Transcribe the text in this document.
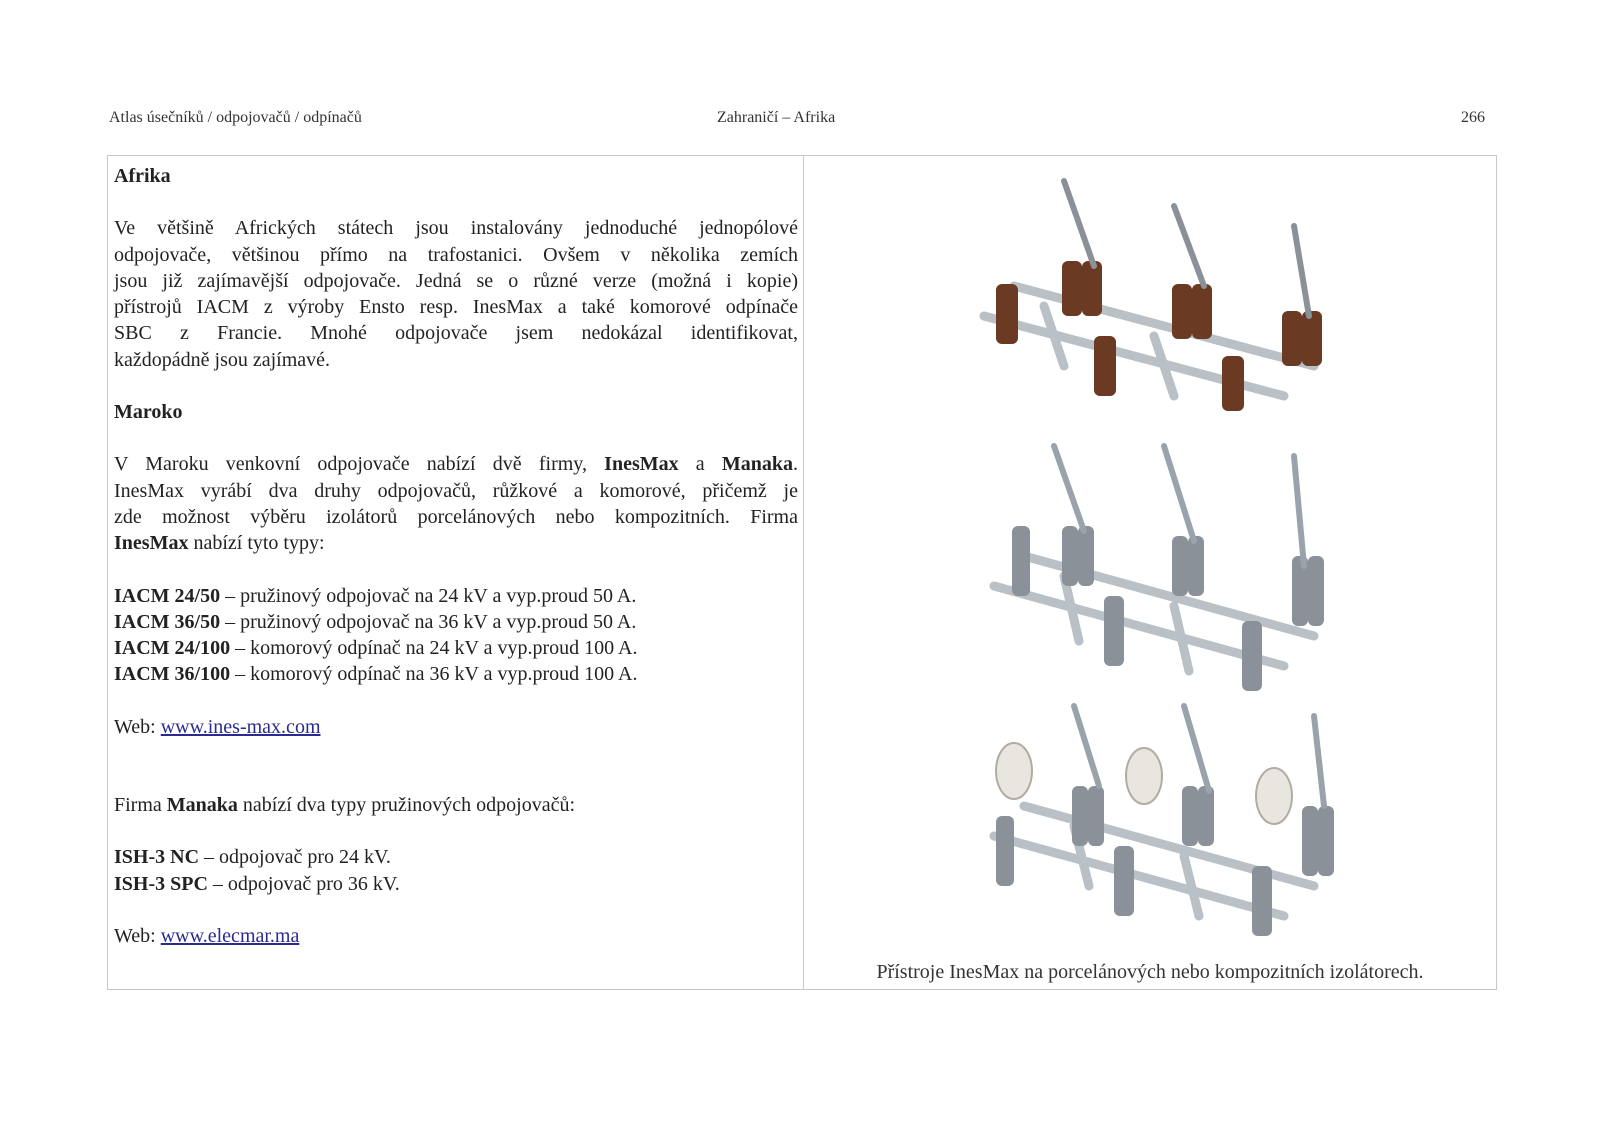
Atlas úsečníků / odpojovačů / odpínačů	Zahraničí – Afrika	266

Afrika

Ve většině Afrických státech jsou instalovány jednoduché jednopólové

odpojovače, většinou přímo na trafostanici. Ovšem v několika zemích

jsou již zajímavější odpojovače. Jedná se o různé verze (možná i kopie)

přístrojů IACM z výroby Ensto resp. InesMax a také komorové odpínače

SBC z Francie. Mnohé odpojovače jsem nedokázal identifikovat,

každopádně jsou zajímavé.

Maroko

V Maroku venkovní odpojovače nabízí dvě firmy, InesMax a Manaka.

InesMax vyrábí dva druhy odpojovačů, růžkové a komorové, přičemž je

zde možnost výběru izolátorů porcelánových nebo kompozitních. Firma

InesMax nabízí tyto typy:

IACM 24/50 – pružinový odpojovač na 24 kV a vyp.proud 50 A.

IACM 36/50 – pružinový odpojovač na 36 kV a vyp.proud 50 A.

IACM 24/100 – komorový odpínač na 24 kV a vyp.proud 100 A.

IACM 36/100 – komorový odpínač na 36 kV a vyp.proud 100 A.

Web: www.ines-max.com

Firma Manaka nabízí dva typy pružinových odpojovačů:

ISH-3 NC – odpojovač pro 24 kV.

ISH-3 SPC – odpojovač pro 36 kV.

Web: www.elecmar.ma

Přístroje InesMax na porcelánových nebo kompozitních izolátorech.
